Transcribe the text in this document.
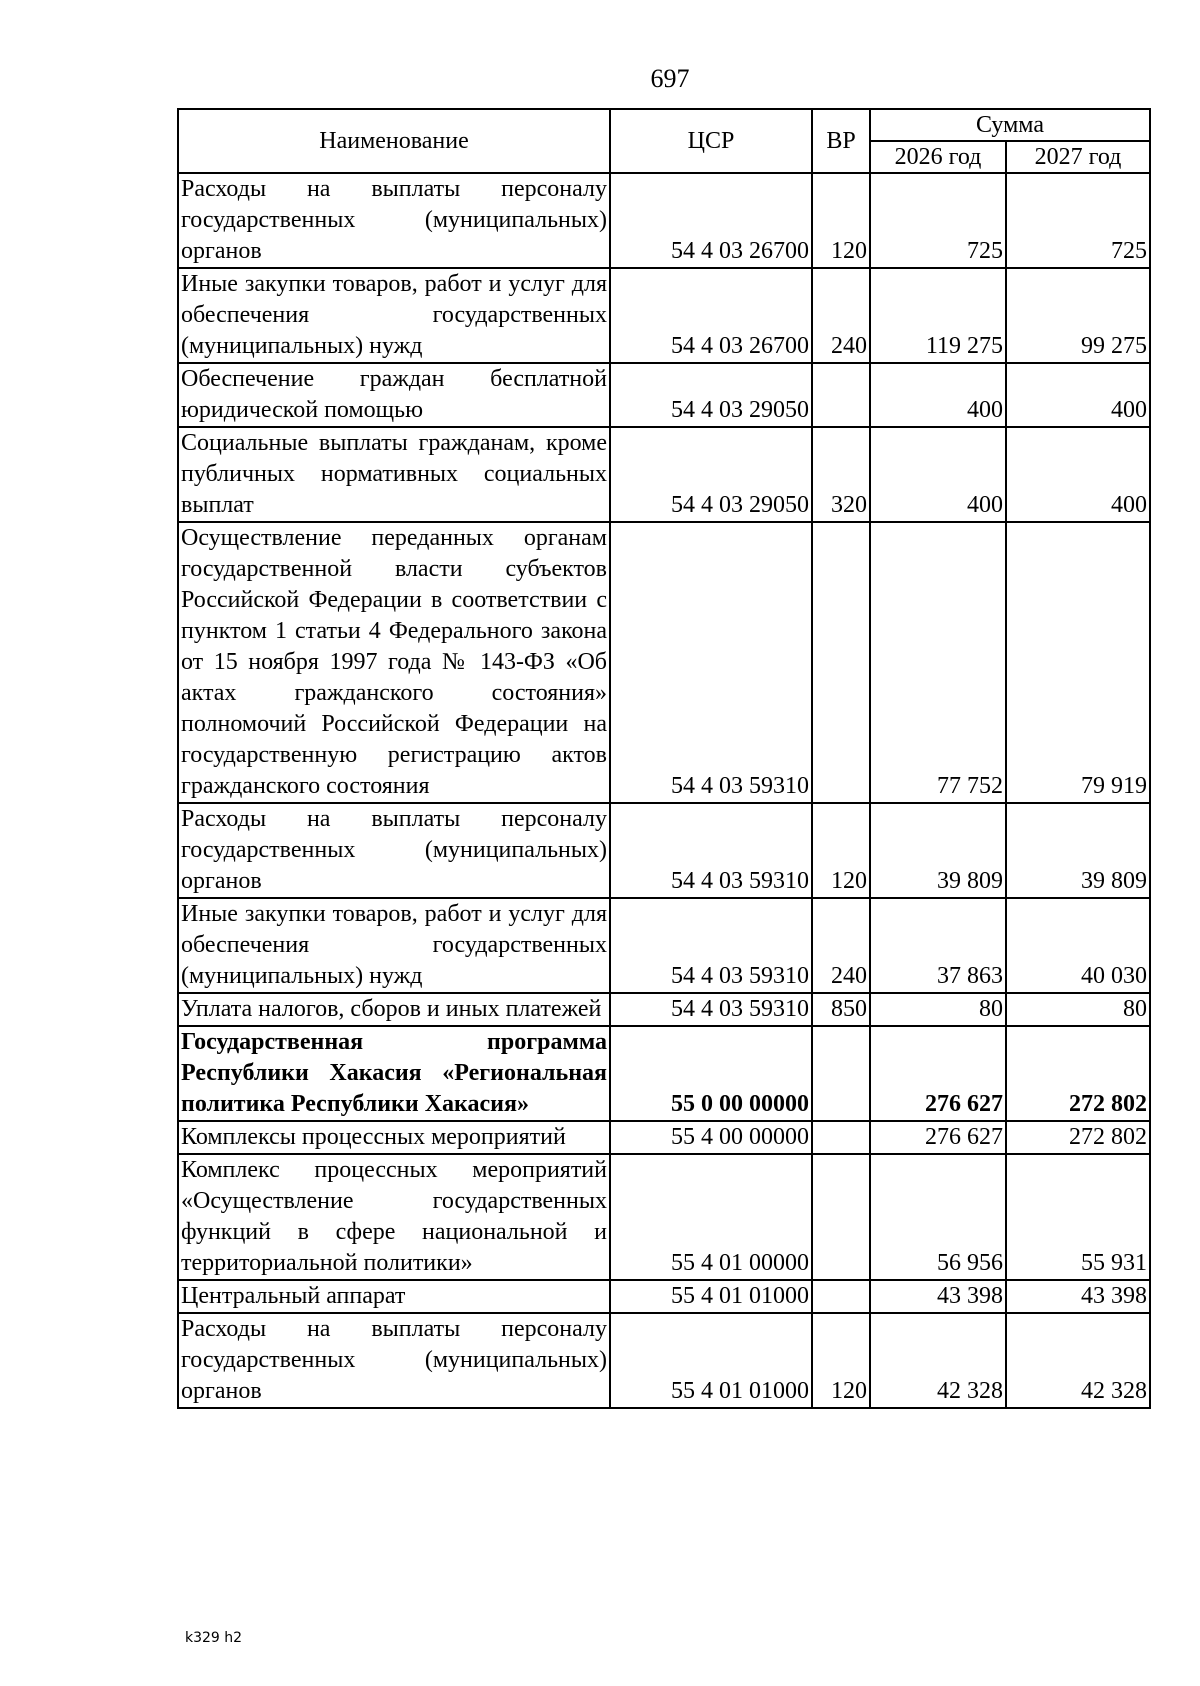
697
Наименование	ЦСР	ВР	Сумма	
			2026 год	2027 год
Расходы на выплаты персоналу государственных (муниципальных) органов	54 4 03 26700	120	725	725
Иные закупки товаров, работ и услуг для обеспечения государственных (муниципальных) нужд	54 4 03 26700	240	119 275	99 275
Обеспечение граждан бесплатной юридической помощью	54 4 03 29050		400	400
Социальные выплаты гражданам, кроме публичных нормативных социальных выплат	54 4 03 29050	320	400	400
Осуществление переданных органам государственной власти субъектов Российской Федерации в соответствии с пунктом 1 статьи 4 Федерального закона от 15 ноября 1997 года № 143-ФЗ «Об актах гражданского состояния» полномочий Российской Федерации на государственную регистрацию актов гражданского состояния	54 4 03 59310		77 752	79 919
Расходы на выплаты персоналу государственных (муниципальных) органов	54 4 03 59310	120	39 809	39 809
Иные закупки товаров, работ и услуг для обеспечения государственных (муниципальных) нужд	54 4 03 59310	240	37 863	40 030
Уплата налогов, сборов и иных платежей	54 4 03 59310	850	80	80
Государственная программа Республики Хакасия «Региональная политика Республики Хакасия»	55 0 00 00000		276 627	272 802
Комплексы процессных мероприятий	55 4 00 00000		276 627	272 802
Комплекс процессных мероприятий «Осуществление государственных функций в сфере национальной и территориальной политики»	55 4 01 00000		56 956	55 931
Центральный аппарат	55 4 01 01000		43 398	43 398
Расходы на выплаты персоналу государственных (муниципальных) органов	55 4 01 01000	120	42 328	42 328
k329 h2
